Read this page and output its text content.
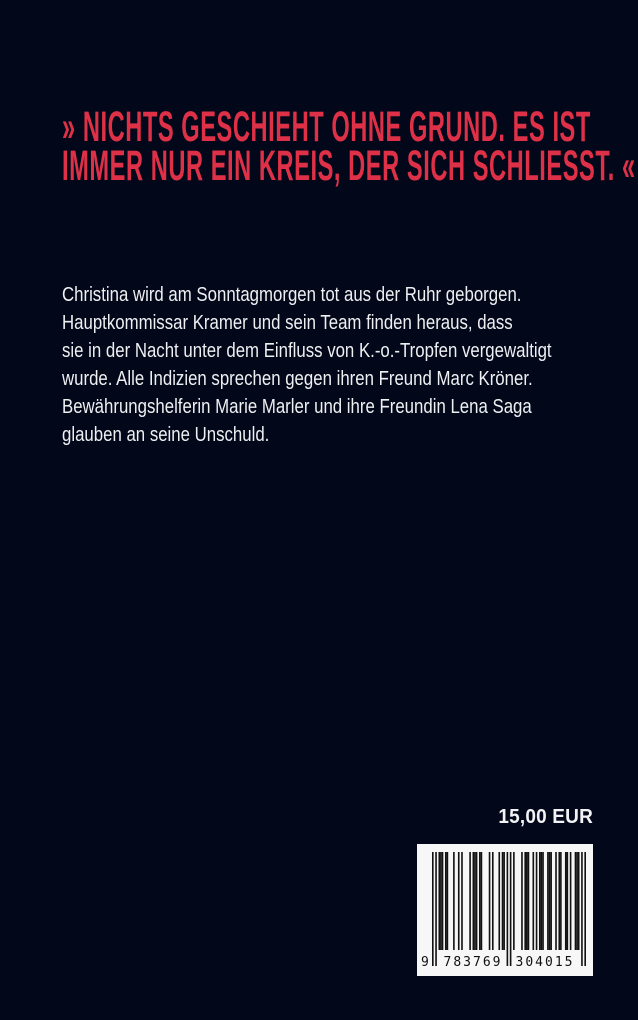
» NICHTS GESCHIEHT OHNE GRUND. ES IST
IMMER NUR EIN KREIS, DER SICH SCHLIESST. «
Christina wird am Sonntagmorgen tot aus der Ruhr geborgen.
Hauptkommissar Kramer und sein Team finden heraus, dass
sie in der Nacht unter dem Einfluss von K.-o.-Tropfen vergewaltigt
wurde. Alle Indizien sprechen gegen ihren Freund Marc Kröner.
Bewährungshelferin Marie Marler und ihre Freundin Lena Saga
glauben an seine Unschuld.
15,00 EUR
9 783769 304015
